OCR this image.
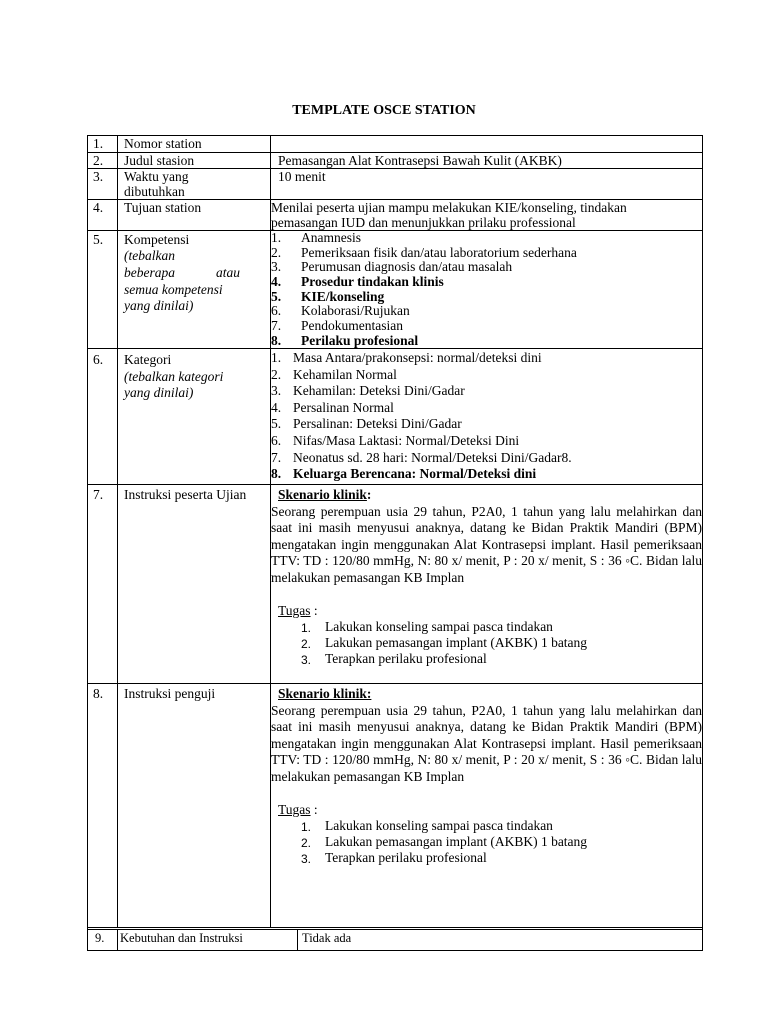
TEMPLATE OSCE STATION
1. Nomor station
2. Judul stasion	Pemasangan Alat Kontrasepsi Bawah Kulit (AKBK)
3. Waktu yang
dibutuhkan
10 menit
4. Tujuan station	Menilai peserta ujian mampu melakukan KIE/konseling, tindakan
pemasangan IUD dan menunjukkan prilaku professional
5. Kompetensi
(tebalkan
beberapa	atau
semua kompetensi
yang dinilai)
1. Anamnesis
2. Pemeriksaan fisik dan/atau laboratorium sederhana
3. Perumusan diagnosis dan/atau masalah
4. Prosedur tindakan klinis
5. KIE/konseling
6. Kolaborasi/Rujukan
7. Pendokumentasian
8. Perilaku profesional
6. Kategori
(tebalkan kategori
yang dinilai)
1. Masa Antara/prakonsepsi: normal/deteksi dini
2. Kehamilan Normal
3. Kehamilan: Deteksi Dini/Gadar
4. Persalinan Normal
5. Persalinan: Deteksi Dini/Gadar
6. Nifas/Masa Laktasi: Normal/Deteksi Dini
7. Neonatus sd. 28 hari: Normal/Deteksi Dini/Gadar8.
8. Keluarga Berencana: Normal/Deteksi dini
7. Instruksi peserta Ujian	Skenario klinik:
Seorang perempuan usia 29 tahun, P2A0, 1 tahun yang lalu melahirkan dan saat ini masih menyusui anaknya, datang ke Bidan Praktik Mandiri (BPM) mengatakan ingin menggunakan Alat Kontrasepsi implant. Hasil pemeriksaan TTV: TD : 120/80 mmHg, N: 80 x/ menit, P : 20 x/ menit, S : 36 ◦C. Bidan lalu melakukan pemasangan KB Implan
Tugas :
1. Lakukan konseling sampai pasca tindakan
2. Lakukan pemasangan implant (AKBK) 1 batang
3. Terapkan perilaku profesional
8. Instruksi penguji	Skenario klinik:
Seorang perempuan usia 29 tahun, P2A0, 1 tahun yang lalu melahirkan dan saat ini masih menyusui anaknya, datang ke Bidan Praktik Mandiri (BPM) mengatakan ingin menggunakan Alat Kontrasepsi implant. Hasil pemeriksaan TTV: TD : 120/80 mmHg, N: 80 x/ menit, P : 20 x/ menit, S : 36 ◦C. Bidan lalu melakukan pemasangan KB Implan
Tugas :
1. Lakukan konseling sampai pasca tindakan
2. Lakukan pemasangan implant (AKBK) 1 batang
3. Terapkan perilaku profesional
9. Kebutuhan dan Instruksi	Tidak ada
